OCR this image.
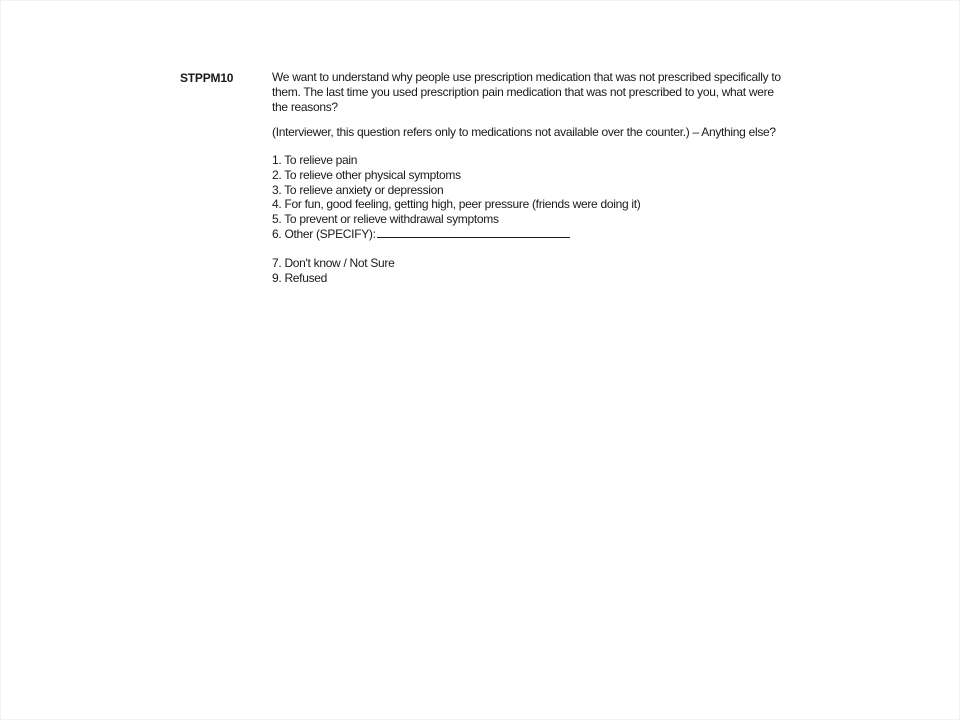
STPPM10	We want to understand why people use prescription medication that was not prescribed specifically to them. The last time you used prescription pain medication that was not prescribed to you, what were the reasons?

(Interviewer, this question refers only to medications not available over the counter.) – Anything else?

1. To relieve pain
2. To relieve other physical symptoms
3. To relieve anxiety or depression
4. For fun, good feeling, getting high, peer pressure (friends were doing it)
5. To prevent or relieve withdrawal symptoms
6. Other (SPECIFY):
7. Don't know / Not Sure
9. Refused
